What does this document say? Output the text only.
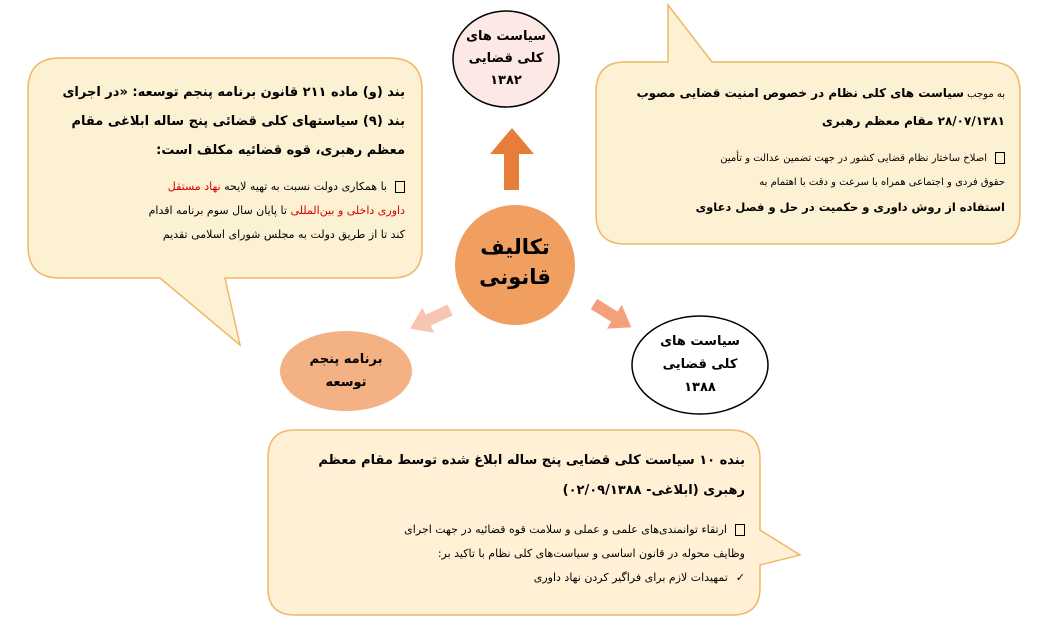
تکالیف
قانونی
سیاست های
کلی قضایی
۱۳۸۲
سیاست های
کلی قضایی
۱۳۸۸
برنامه پنجم
توسعه
بند (و) ماده ۲۱۱ قانون برنامه پنجم توسعه: «در اجرای
بند (۹) سیاستهای کلی قضائی پنج ساله ابلاغی مقام
معظم رهبری، قوه قضائیه مکلف است:
با همکاری دولت نسبت به تهیه لایحه نهاد مستقل
داوری داخلی و بین‌المللی تا پایان سال سوم برنامه اقدام
کند تا از طریق دولت به مجلس شورای اسلامی تقدیم
به موجب سیاست های کلی نظام در خصوص امنیت قضایی مصوب
۲۸/۰۷/۱۳۸۱ مقام معظم رهبری
اصلاح ساختار نظام قضایی کشور در جهت تضمین عدالت و تأمین
حقوق فردی و اجتماعی همراه با سرعت و دقت با اهتمام به
استفاده از روش داوری و حکمیت در حل و فصل دعاوی
بنده ۱۰ سیاست کلی قضایی پنج ساله ابلاغ شده توسط مقام معظم
رهبری (ابلاغی- ۰۲/۰۹/۱۳۸۸)
ارتقاء توانمندی‌های علمی و عملی و سلامت قوه قضائیه در جهت اجرای
وظایف محوله در قانون اساسی و سیاست‌های کلی نظام با تاکید بر:
✓تمهیدات لازم برای فراگیر کردن نهاد داوری
